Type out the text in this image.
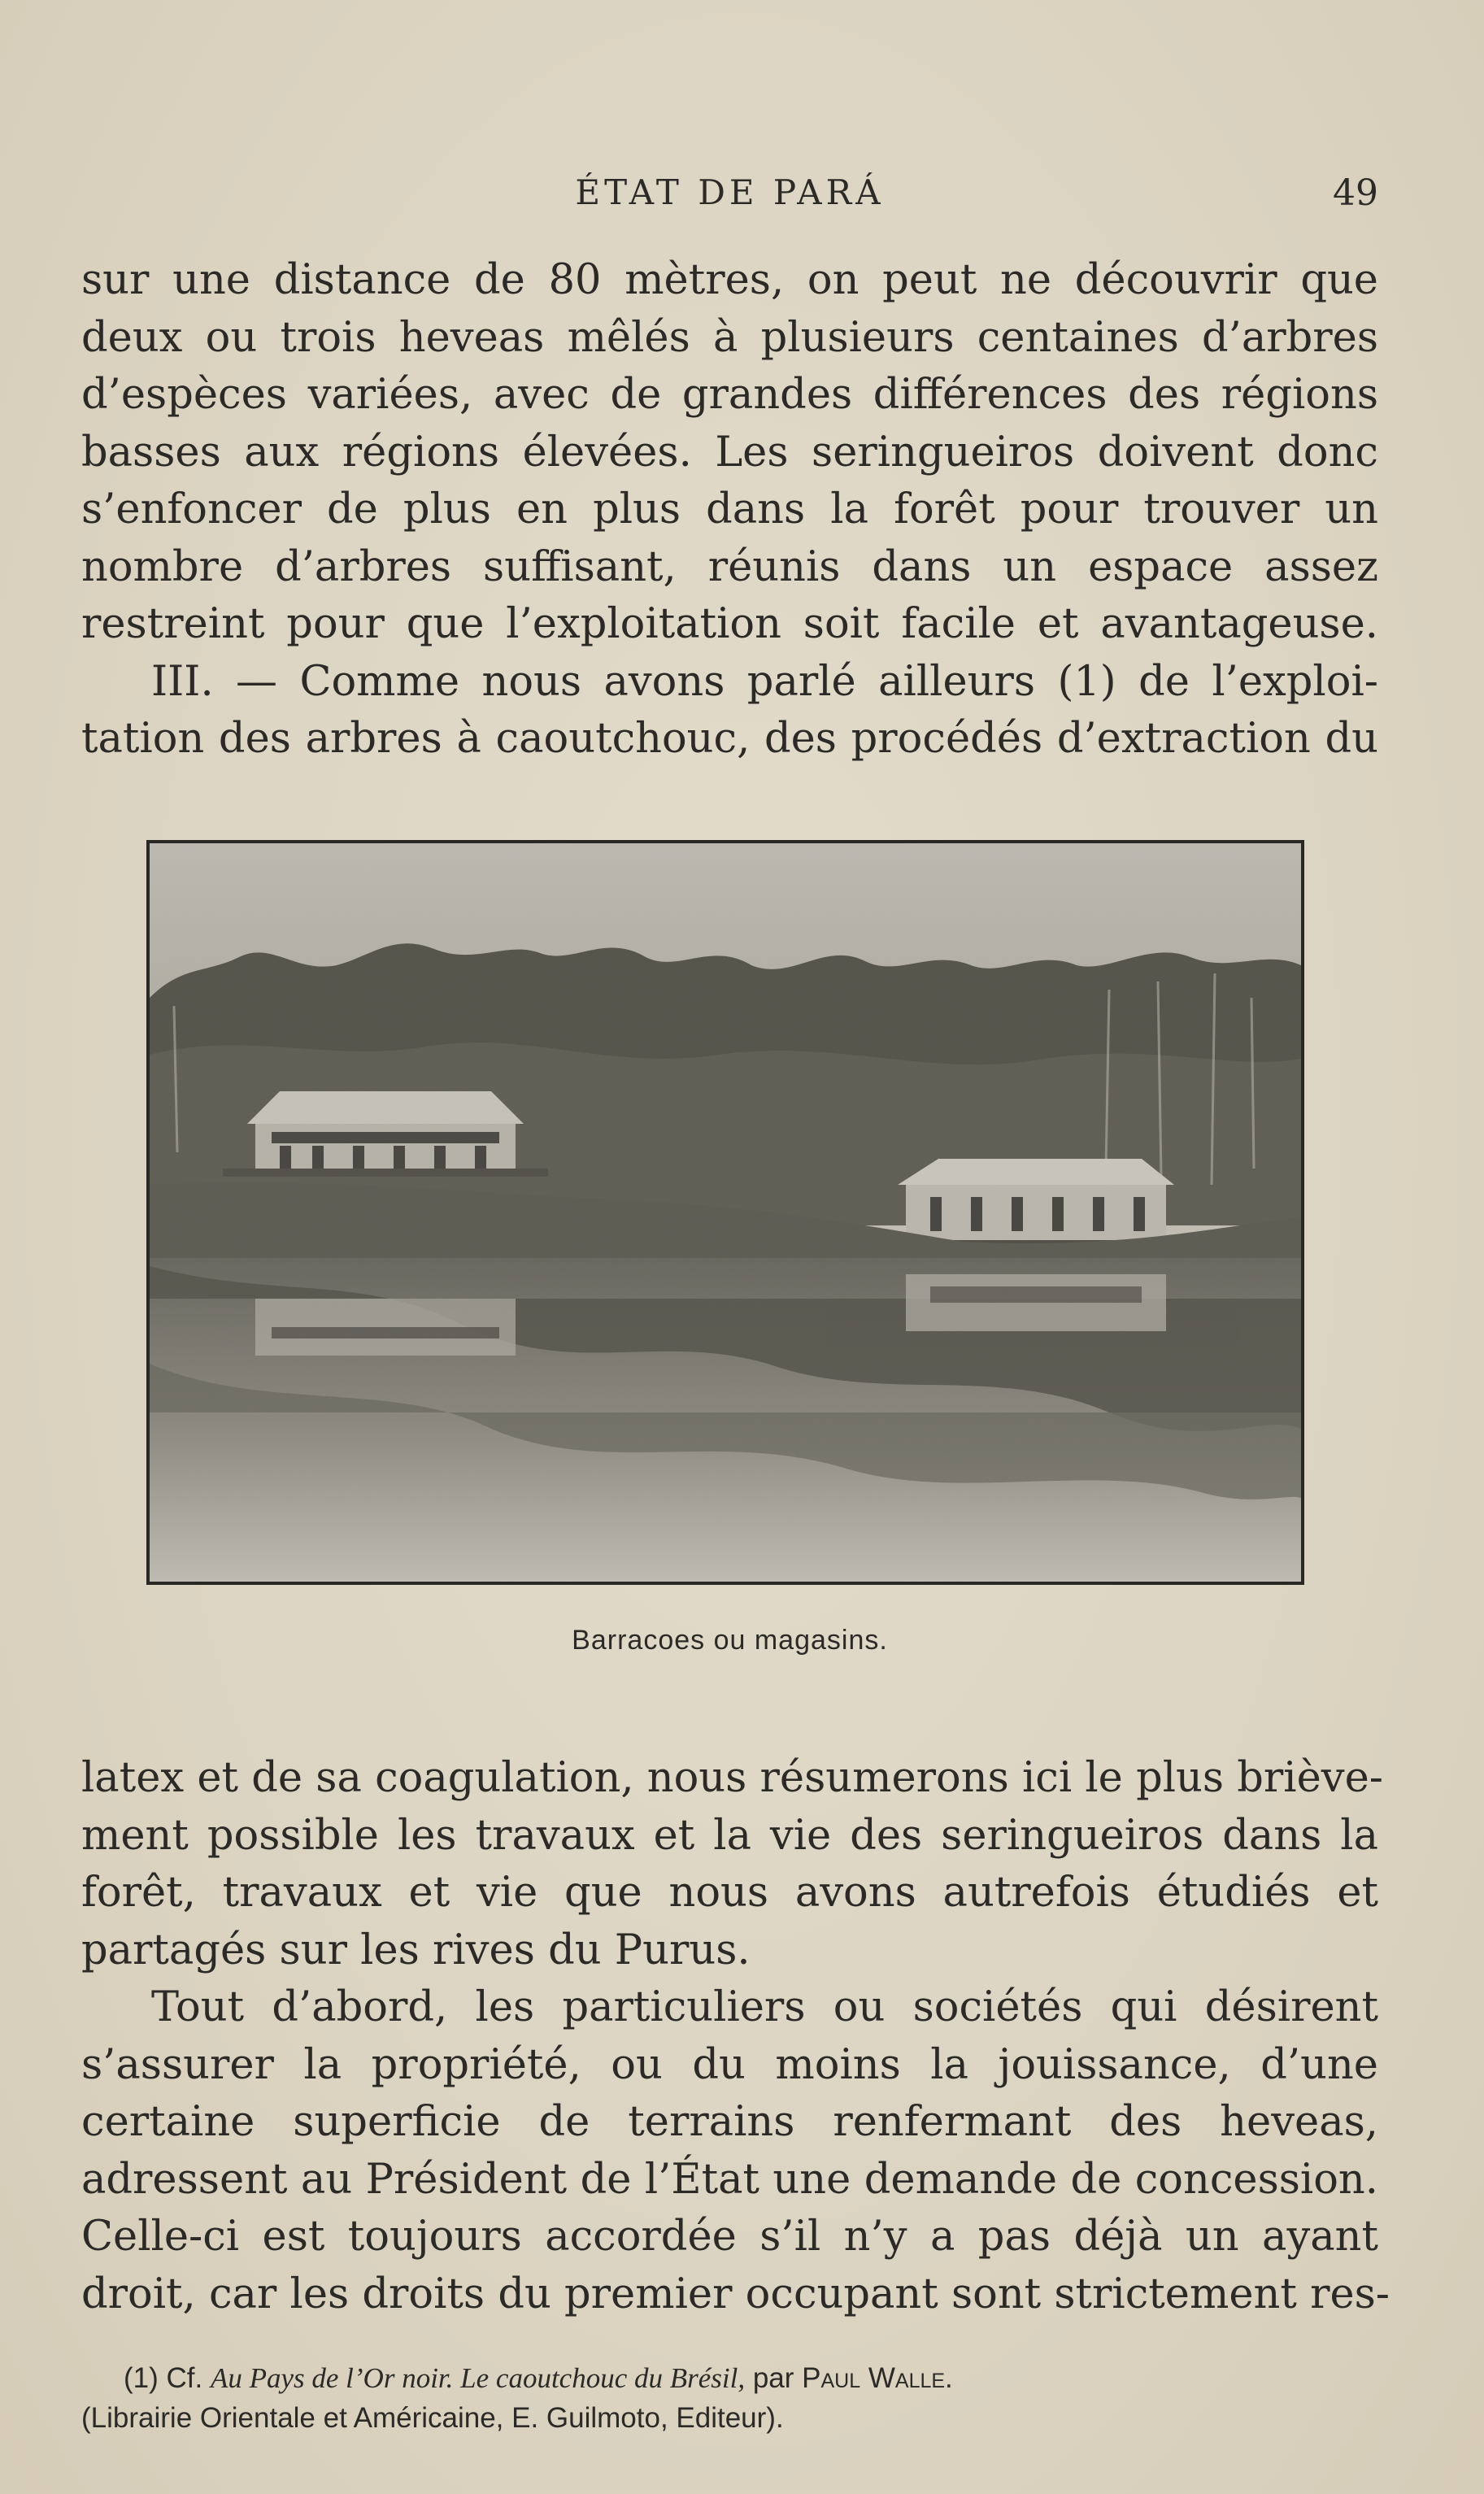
ÉTAT DE PARÁ	49
sur une distance de 80 mètres, on peut ne découvrir que
deux ou trois heveas mêlés à plusieurs centaines d’arbres
d’espèces variées, avec de grandes différences des régions
basses aux régions élevées. Les seringueiros doivent donc
s’enfoncer de plus en plus dans la forêt pour trouver un
nombre d’arbres suffisant, réunis dans un espace assez
restreint pour que l’exploitation soit facile et avantageuse.
III. — Comme nous avons parlé ailleurs (1) de l’exploi-
tation des arbres à caoutchouc, des procédés d’extraction du
Barracoes ou magasins.
latex et de sa coagulation, nous résumerons ici le plus briève-
ment possible les travaux et la vie des seringueiros dans la
forêt, travaux et vie que nous avons autrefois étudiés et
partagés sur les rives du Purus.
Tout d’abord, les particuliers ou sociétés qui désirent
s’assurer la propriété, ou du moins la jouissance, d’une
certaine superficie de terrains renfermant des heveas,
adressent au Président de l’État une demande de concession.
Celle-ci est toujours accordée s’il n’y a pas déjà un ayant
droit, car les droits du premier occupant sont strictement res-
(1) Cf. Au Pays de l’Or noir. Le caoutchouc du Brésil, par Paul Walle.
(Librairie Orientale et Américaine, E. Guilmoto, Editeur).
